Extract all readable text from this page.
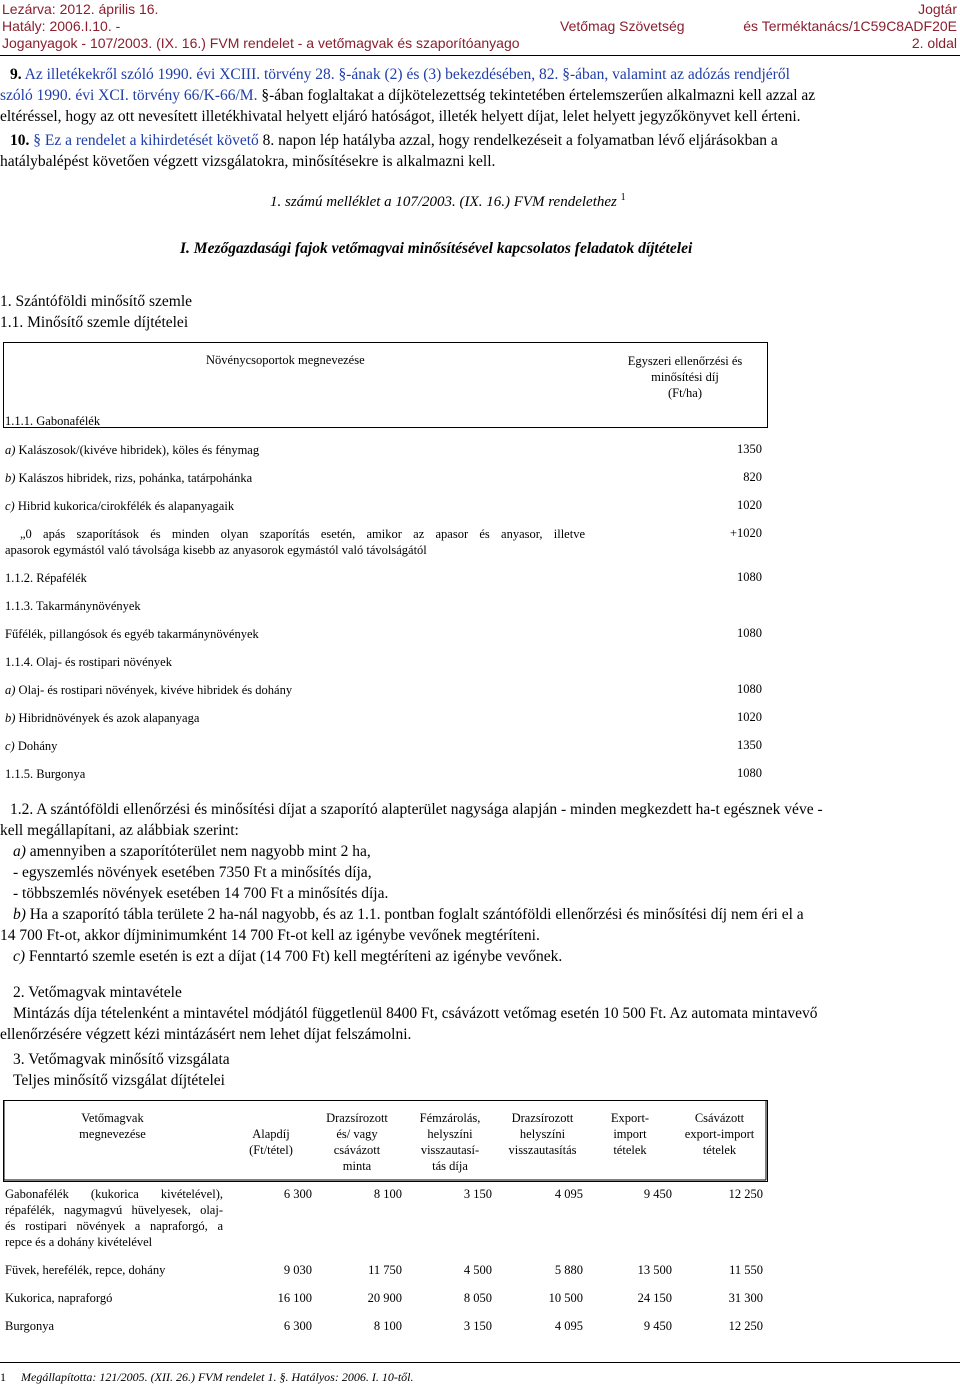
Lezárva: 2012. április 16.	Jogtár
Hatály: 2006.I.10. -	Vetőmag Szövetség	és Terméktanács/1C59C8ADF20E
Joganyagok - 107/2003. (IX. 16.) FVM rendelet - a vetőmagvak és szaporítóanyago	2. oldal
9. Az illetékekről szóló 1990. évi XCIII. törvény 28. §-ának (2) és (3) bekezdésében, 82. §-ában, valamint az adózás rendjéről
szóló 1990. évi XCI. törvény 66/K-66/M. §-ában foglaltakat a díjkötelezettség tekintetében értelemszerűen alkalmazni kell azzal az
eltéréssel, hogy az ott nevesített illetékhivatal helyett eljáró hatóságot, illeték helyett díjat, lelet helyett jegyzőkönyvet kell érteni.
10. § Ez a rendelet a kihirdetését követő 8. napon lép hatályba azzal, hogy rendelkezéseit a folyamatban lévő eljárásokban a
hatálybalépést követően végzett vizsgálatokra, minősítésekre is alkalmazni kell.
1. számú melléklet a 107/2003. (IX. 16.) FVM rendelethez $^1$
I. Mezőgazdasági fajok vetőmagvai minősítésével kapcsolatos feladatok díjtételei
1. Szántóföldi minősítő szemle
1.1. Minősítő szemle díjtételei
Növénycsoportok megnevezése	Egyszeri ellenőrzési és
minősítési díj
(Ft/ha)
1.1.1. Gabonafélék
a) Kalászosok/(kivéve hibridek), köles és fénymag	1350
b) Kalászos hibridek, rizs, pohánka, tatárpohánka	820
c) Hibrid kukorica/cirokfélék és alapanyagaik	1020
„0 apás szaporítások és minden olyan szaporítás esetén, amikor az apasor és anyasor, illetve
apasorok egymástól való távolsága kisebb az anyasorok egymástól való távolságától
+1020
1.1.2. Répafélék	1080
1.1.3. Takarmánynövények
Fűfélék, pillangósok és egyéb takarmánynövények	1080
1.1.4. Olaj- és rostipari növények
a) Olaj- és rostipari növények, kivéve hibridek és dohány	1080
b) Hibridnövények és azok alapanyaga	1020
c) Dohány	1350
1.1.5. Burgonya	1080
1.2. A szántóföldi ellenőrzési és minősítési díjat a szaporító alapterület nagysága alapján - minden megkezdett ha-t egésznek véve -
kell megállapítani, az alábbiak szerint:
a) amennyiben a szaporítóterület nem nagyobb mint 2 ha,
- egyszemlés növények esetében 7350 Ft a minősítés díja,
- többszemlés növények esetében 14 700 Ft a minősítés díja.
b) Ha a szaporító tábla területe 2 ha-nál nagyobb, és az 1.1. pontban foglalt szántóföldi ellenőrzési és minősítési díj nem éri el a
14 700 Ft-ot, akkor díjminimumként 14 700 Ft-ot kell az igénybe vevőnek megtéríteni.
c) Fenntartó szemle esetén is ezt a díjat (14 700 Ft) kell megtéríteni az igénybe vevőnek.
2. Vetőmagvak mintavétele
Mintázás díja tételenként a mintavétel módjától függetlenül 8400 Ft, csávázott vetőmag esetén 10 500 Ft. Az automata mintavevő
ellenőrzésére végzett kézi mintázásért nem lehet díjat felszámolni.
3. Vetőmagvak minősítő vizsgálata
Teljes minősítő vizsgálat díjtételei
Vetőmagvak
megnevezése	Alapdíj
(Ft/tétel)
Drazsírozott
és/ vagy
csávázott
minta
Fémzárolás,
helyszíni
visszautasí-
tás díja
Drazsírozott
helyszíni
visszautasítás
Export-
import
tételek
Csávázott
export-import
tételek
Gabonafélék (kukorica kivételével),
répafélék, nagymagvú hüvelyesek, olaj-
és rostipari növények a napraforgó, a
repce és a dohány kivételével
6 300	8 100	3 150	4 095	9 450	12 250
Füvek, herefélék, repce, dohány	9 030	11 750	4 500	5 880	13 500	11 550
Kukorica, napraforgó	16 100	20 900	8 050	10 500	24 150	31 300
Burgonya	6 300	8 100	3 150	4 095	9 450	12 250
1 Megállapította: 121/2005. (XII. 26.) FVM rendelet 1. §. Hatályos: 2006. I. 10-től.
